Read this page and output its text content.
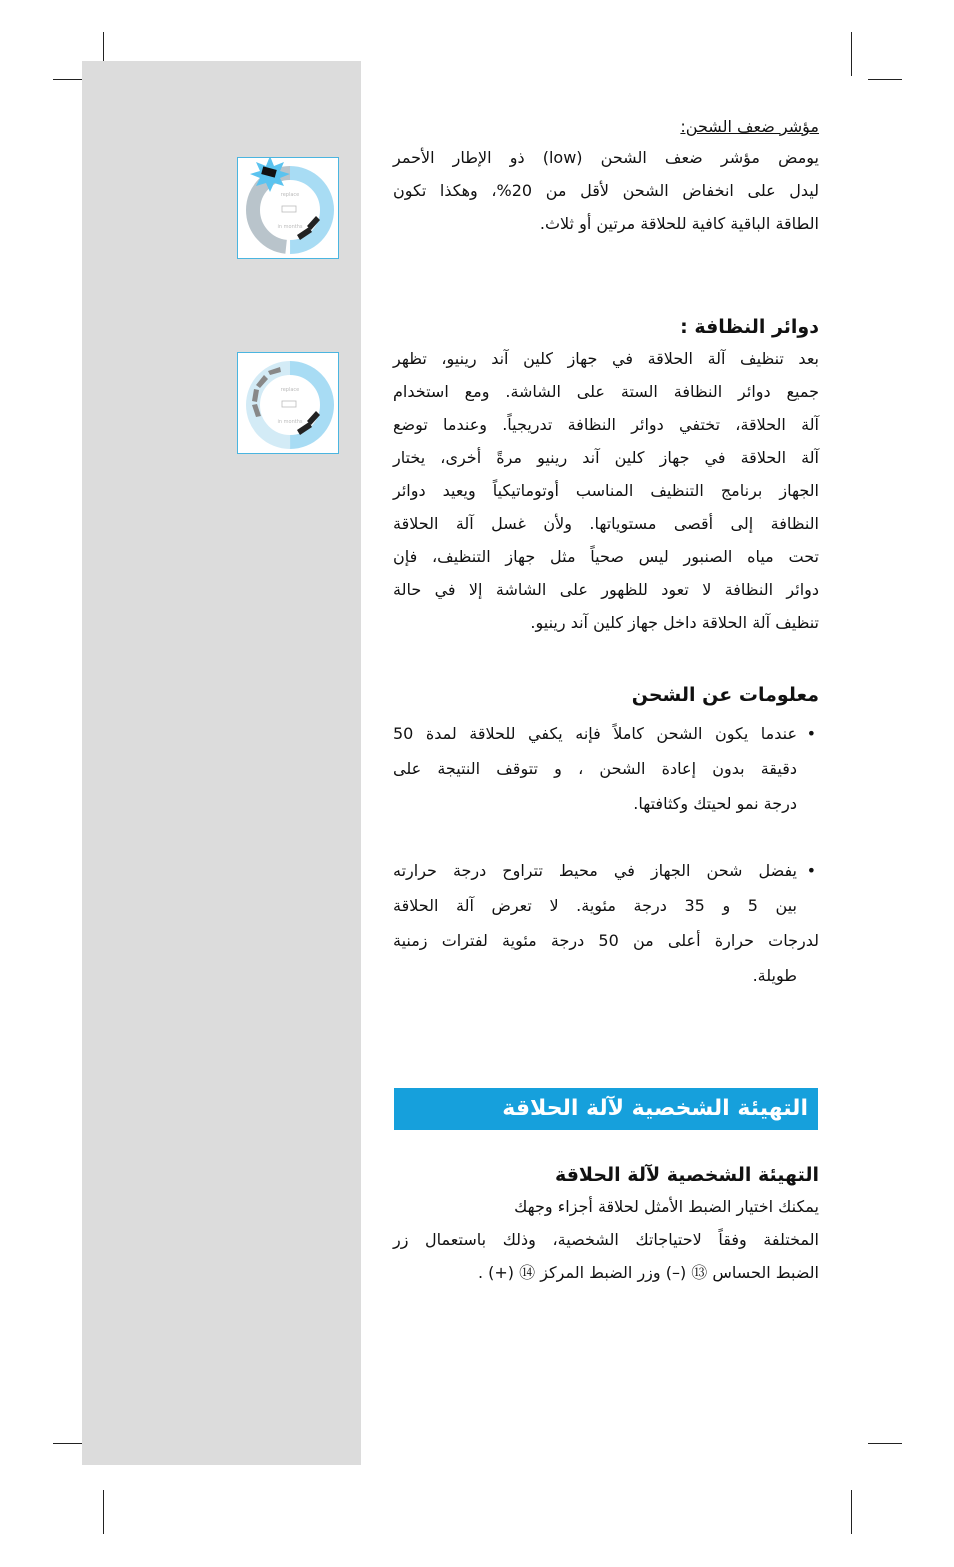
replace
in months
replace
in months

مؤشر ضعف الشحن:

يومض مؤشر ضعف الشحن (low) ذو الإطار الأحمر

ليدل على انخفاض الشحن لأقل من 20%، وهكذا تكون

الطاقة الباقية كافية للحلاقة مرتين أو ثلاث.

دوائر النظافة :

بعد تنظيف آلة الحلاقة في جهاز كلين آند رينيو، تظهر

جميع دوائر النظافة الستة على الشاشة. ومع استخدام

آلة الحلاقة، تختفي دوائر النظافة تدريجياً. وعندما توضع

آلة الحلاقة في جهاز كلين آند رينيو مرةً أخرى، يختار

الجهاز برنامج التنظيف المناسب أوتوماتيكياً ويعيد دوائر

النظافة إلى أقصى مستوياتها. ولأن غسل آلة الحلاقة

تحت مياه الصنبور ليس صحياً مثل جهاز التنظيف، فإن

دوائر النظافة لا تعود للظهور على الشاشة إلا في حالة

تنظيف آلة الحلاقة داخل جهاز كلين آند رينيو.

معلومات عن الشحن

•
عندما يكون الشحن كاملاً فإنه يكفي للحلاقة لمدة 50
دقيقة بدون إعادة الشحن ، و تتوقف النتيجة على
درجة نمو لحيتك وكثافتها.
•
يفضل شحن الجهاز في محيط تتراوح درجة حرارته
بين 5 و 35 درجة مئوية. لا تعرض آلة الحلاقة
لدرجات حرارة أعلى من 50 درجة مئوية لفترات زمنية
طويلة.
التهيئة الشخصية لآلة الحلاقة

التهيئة الشخصية لآلة الحلاقة

يمكنك اختيار الضبط الأمثل لحلاقة أجزاء وجهك

المختلفة وفقاً لاحتياجاتك الشخصية، وذلك باستعمال زر

الضبط الحساس ⑬ (–) وزر الضبط المركز ⑭ (+) .
